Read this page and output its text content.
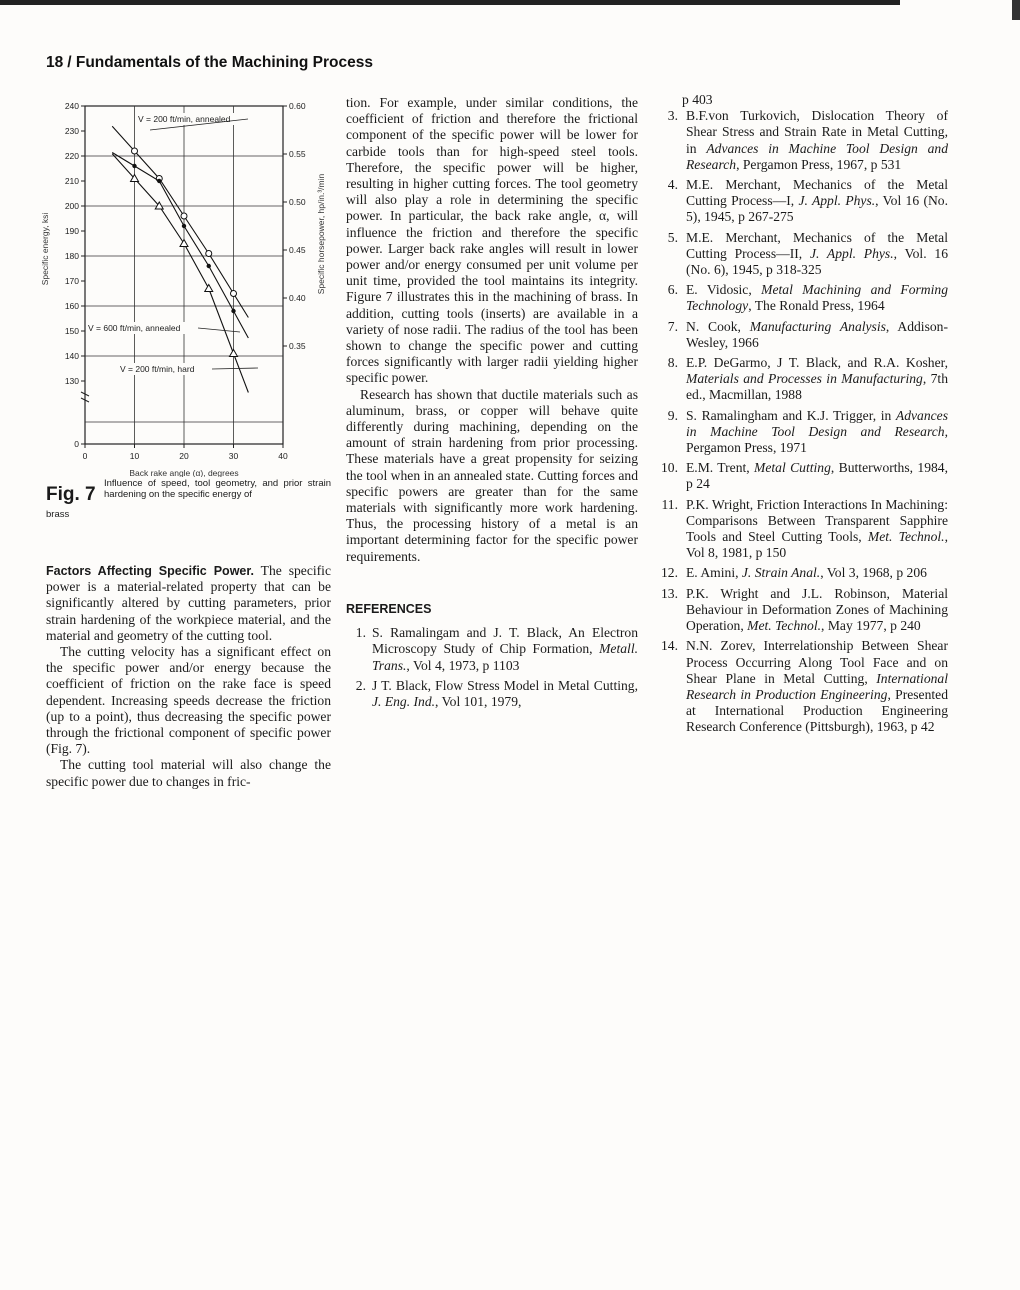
18 / Fundamentals of the Machining Process
240
230
220
210
200
190
180
170
160
150
140
130
0
0.60
0.55
0.50
0.45
0.40
0.35
0	10	20	30	40
Back rake angle (α), degrees
Specific energy, ksi	Specific horsepower, hp/in.³/min
V = 200 ft/min, annealed
V = 600 ft/min, annealed
V = 200 ft/min, hard
Fig. 7
Influence of speed, tool geometry, and prior strain hardening on the specific energy of
brass

Factors Affecting Specific Power. The specific power is a material-related property that can be significantly altered by cutting parameters, prior strain hardening of the workpiece material, and the material and geometry of the cutting tool.

The cutting velocity has a significant effect on the specific power and/or energy because the coefficient of friction on the rake face is speed dependent. Increasing speeds decrease the friction (up to a point), thus decreasing the specific power through the frictional component of specific power (Fig. 7).

The cutting tool material will also change the specific power due to changes in fric-

tion. For example, under similar conditions, the coefficient of friction and therefore the frictional component of the specific power will be lower for carbide tools than for high-speed steel tools. Therefore, the specific power will be higher, resulting in higher cutting forces. The tool geometry will also play a role in determining the specific power. In particular, the back rake angle, α, will influence the friction and therefore the specific power. Larger back rake angles will result in lower power and/or energy consumed per unit volume per unit time, provided the tool maintains its integrity. Figure 7 illustrates this in the machining of brass. In addition, cutting tools (inserts) are available in a variety of nose radii. The radius of the tool has been shown to change the specific power and cutting forces significantly with larger radii yielding higher specific power.

Research has shown that ductile materials such as aluminum, brass, or copper will behave quite differently during machining, depending on the amount of strain hardening from prior processing. These materials have a great propensity for seizing the tool when in an annealed state. Cutting forces and specific powers are greater than for the same materials with significantly more work hardening. Thus, the processing history of a metal is an important determining factor for the specific power requirements.

REFERENCES
1. S. Ramalingam and J. T. Black, An Electron Microscopy Study of Chip Formation, Metall. Trans., Vol 4, 1973, p 1103
2. J T. Black, Flow Stress Model in Metal Cutting, J. Eng. Ind., Vol 101, 1979,
p 403
3. B.F.von Turkovich, Dislocation Theory of Shear Stress and Strain Rate in Metal Cutting, in Advances in Machine Tool Design and Research, Pergamon Press, 1967, p 531
4. M.E. Merchant, Mechanics of the Metal Cutting Process—I, J. Appl. Phys., Vol 16 (No. 5), 1945, p 267-275
5. M.E. Merchant, Mechanics of the Metal Cutting Process—II, J. Appl. Phys., Vol. 16 (No. 6), 1945, p 318-325
6. E. Vidosic, Metal Machining and Forming Technology, The Ronald Press, 1964
7. N. Cook, Manufacturing Analysis, Addison-Wesley, 1966
8. E.P. DeGarmo, J T. Black, and R.A. Kosher, Materials and Processes in Manufacturing, 7th ed., Macmillan, 1988
9. S. Ramalingham and K.J. Trigger, in Advances in Machine Tool Design and Research, Pergamon Press, 1971
10. E.M. Trent, Metal Cutting, Butterworths, 1984, p 24
11. P.K. Wright, Friction Interactions In Machining: Comparisons Between Transparent Sapphire Tools and Steel Cutting Tools, Met. Technol., Vol 8, 1981, p 150
12. E. Amini, J. Strain Anal., Vol 3, 1968, p 206
13. P.K. Wright and J.L. Robinson, Material Behaviour in Deformation Zones of Machining Operation, Met. Technol., May 1977, p 240
14. N.N. Zorev, Interrelationship Between Shear Process Occurring Along Tool Face and on Shear Plane in Metal Cutting, International Research in Production Engineering, Presented at International Production Engineering Research Conference (Pittsburgh), 1963, p 42
